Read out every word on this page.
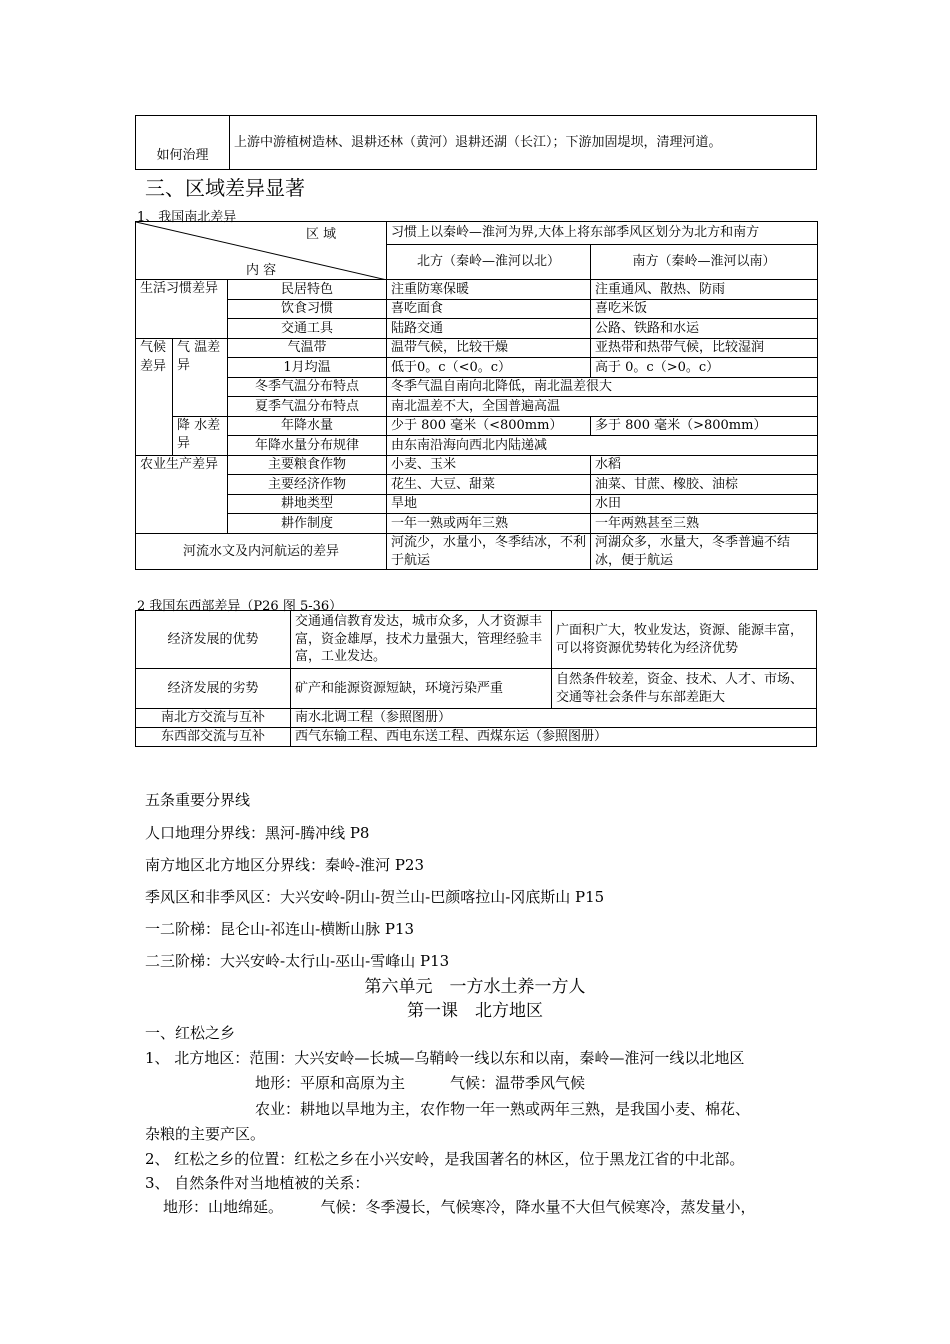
如何治理	上游中游植树造林、退耕还林（黄河）退耕还湖（长江）；下游加固堤坝，清理河道。
三、区域差异显著
1、我国南北差异
区 域
内 容			习惯上以秦岭—淮河为界,大体上将东部季风区划分为北方和南方	
			北方（秦岭—淮河以北）	南方（秦岭—淮河以南）
生活习惯差异		民居特色	注重防寒保暖	注重通风、散热、防雨
		饮食习惯	喜吃面食	喜吃米饭
		交通工具	陆路交通	公路、铁路和水运
气候差异	气 温差异	气温带	温带气候，比较干燥	亚热带和热带气候，比较湿润
		1月均温	低于0。c（<0。c）	高于 0。c（>0。c）
		冬季气温分布特点	冬季气温自南向北降低，南北温差很大	
		夏季气温分布特点	南北温差不大，全国普遍高温	
	降 水差异	年降水量	少于 800 毫米（<800mm）	多于 800 毫米（>800mm）
		年降水量分布规律	由东南沿海向西北内陆递减	
农业生产差异		主要粮食作物	小麦、玉米	水稻
		主要经济作物	花生、大豆、甜菜	油菜、甘蔗、橡胶、油棕
		耕地类型	旱地	水田
		耕作制度	一年一熟或两年三熟	一年两熟甚至三熟
河流水文及内河航运的差异			河流少，水量小，冬季结冰，不利于航运	河湖众多，水量大，冬季普遍不结冰，便于航运
2 我国东西部差异（P26 图 5-36）
经济发展的优势	交通通信教育发达，城市众多，人才资源丰富，资金雄厚，技术力量强大，管理经验丰富，工业发达。	广面积广大，牧业发达，资源、能源丰富，可以将资源优势转化为经济优势
经济发展的劣势	矿产和能源资源短缺，环境污染严重	自然条件较差，资金、技术、人才、市场、交通等社会条件与东部差距大
南北方交流与互补	南水北调工程（参照图册）	
东西部交流与互补	西气东输工程、西电东送工程、西煤东运（参照图册）	
五条重要分界线
人口地理分界线：黑河-腾冲线 P8
南方地区北方地区分界线：秦岭-淮河 P23
季风区和非季风区：大兴安岭-阴山-贺兰山-巴颜喀拉山-冈底斯山 P15
一二阶梯：昆仑山-祁连山-横断山脉 P13
二三阶梯：大兴安岭-太行山-巫山-雪峰山 P13
第六单元　一方水土养一方人
第一课　北方地区
一、红松之乡
1、 北方地区：范围：大兴安岭—长城—乌鞘岭一线以东和以南，秦岭—淮河一线以北地区
地形：平原和高原为主　　　气候：温带季风气候
农业：耕地以旱地为主，农作物一年一熟或两年三熟，是我国小麦、棉花、
杂粮的主要产区。
2、 红松之乡的位置：红松之乡在小兴安岭，是我国著名的林区，位于黑龙江省的中北部。
3、 自然条件对当地植被的关系：
地形：山地绵延。　　　气候：冬季漫长，气候寒冷，降水量不大但气候寒冷，蒸发量小，
